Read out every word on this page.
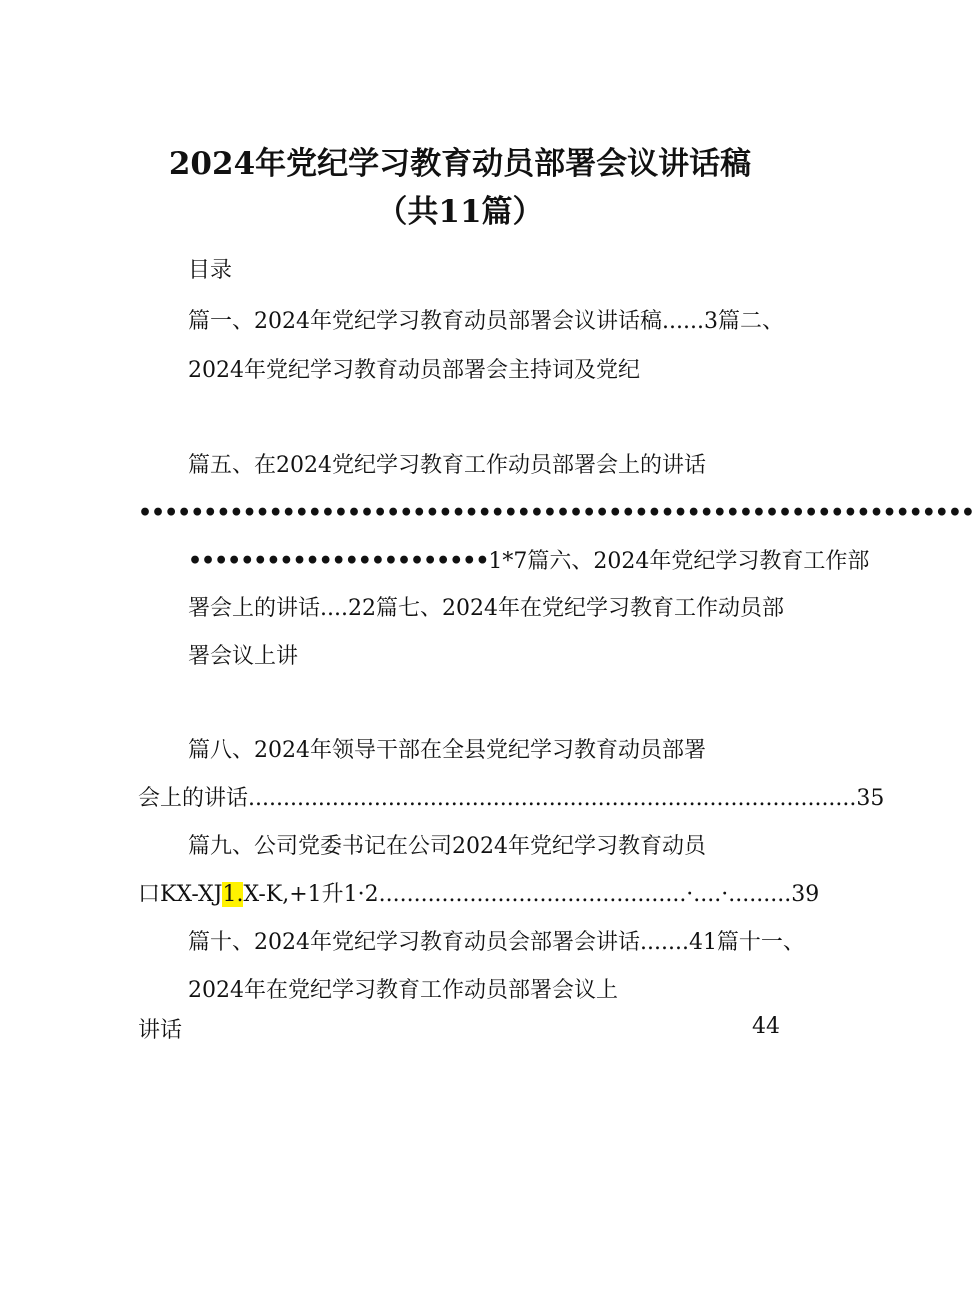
2024年党纪学习教育动员部署会议讲话稿
（共11篇）
目录
篇一、2024年党纪学习教育动员部署会议讲话稿......3篇二、
2024年党纪学习教育动员部署会主持词及党纪
篇五、在2024党纪学习教育工作动员部署会上的讲话
••••••••••••••••••••••••••••••••••••••••••••••••••••••••••••••••
•••••••••••••••••••••••1*7篇六、2024年党纪学习教育工作部
署会上的讲话....22篇七、2024年在党纪学习教育工作动员部
署会议上讲
篇八、2024年领导干部在全县党纪学习教育动员部署
会上的讲话.......................................................................................35
篇九、公司党委书记在公司2024年党纪学习教育动员
口KX-XJ1.X-K,+1升1·2............................................·....·.........39
篇十、2024年党纪学习教育动员会部署会讲话.......41篇十一、
2024年在党纪学习教育工作动员部署会议上
讲话	44
